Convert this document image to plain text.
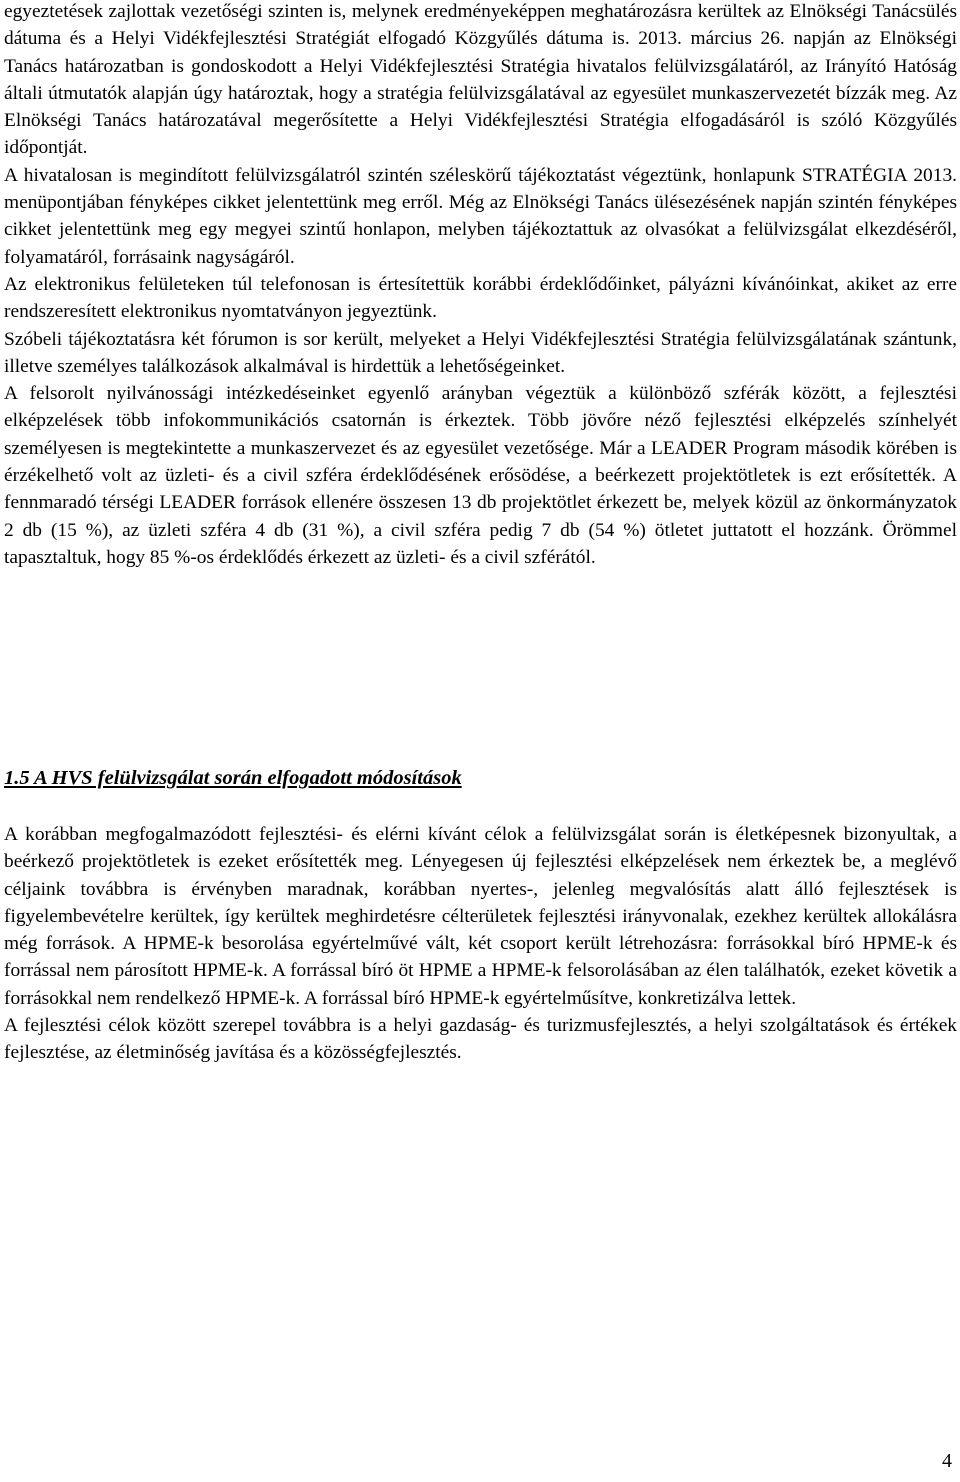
egyeztetések zajlottak vezetőségi szinten is, melynek eredményeképpen meghatározásra kerültek az Elnökségi Tanácsülés dátuma és a Helyi Vidékfejlesztési Stratégiát elfogadó Közgyűlés dátuma is. 2013. március 26. napján az Elnökségi Tanács határozatban is gondoskodott a Helyi Vidékfejlesztési Stratégia hivatalos felülvizsgálatáról, az Irányító Hatóság általi útmutatók alapján úgy határoztak, hogy a stratégia felülvizsgálatával az egyesület munkaszervezetét bízzák meg. Az Elnökségi Tanács határozatával megerősítette a Helyi Vidékfejlesztési Stratégia elfogadásáról is szóló Közgyűlés időpontját.

A hivatalosan is megindított felülvizsgálatról szintén széleskörű tájékoztatást végeztünk, honlapunk STRATÉGIA 2013. menüpontjában fényképes cikket jelentettünk meg erről. Még az Elnökségi Tanács ülésezésének napján szintén fényképes cikket jelentettünk meg egy megyei szintű honlapon, melyben tájékoztattuk az olvasókat a felülvizsgálat elkezdéséről, folyamatáról, forrásaink nagyságáról.

Az elektronikus felületeken túl telefonosan is értesítettük korábbi érdeklődőinket, pályázni kívánóinkat, akiket az erre rendszeresített elektronikus nyomtatványon jegyeztünk.

Szóbeli tájékoztatásra két fórumon is sor került, melyeket a Helyi Vidékfejlesztési Stratégia felülvizsgálatának szántunk, illetve személyes találkozások alkalmával is hirdettük a lehetőségeinket.

A felsorolt nyilvánossági intézkedéseinket egyenlő arányban végeztük a különböző szférák között, a fejlesztési elképzelések több infokommunikációs csatornán is érkeztek. Több jövőre néző fejlesztési elképzelés színhelyét személyesen is megtekintette a munkaszervezet és az egyesület vezetősége. Már a LEADER Program második körében is érzékelhető volt az üzleti- és a civil szféra érdeklődésének erősödése, a beérkezett projektötletek is ezt erősítették. A fennmaradó térségi LEADER források ellenére összesen 13 db projektötlet érkezett be, melyek közül az önkormányzatok 2 db (15 %), az üzleti szféra 4 db (31 %), a civil szféra pedig 7 db (54 %) ötletet juttatott el hozzánk. Örömmel tapasztaltuk, hogy 85 %-os érdeklődés érkezett az üzleti- és a civil szférától.

1.5 A HVS felülvizsgálat során elfogadott módosítások

A korábban megfogalmazódott fejlesztési- és elérni kívánt célok a felülvizsgálat során is életképesnek bizonyultak, a beérkező projektötletek is ezeket erősítették meg. Lényegesen új fejlesztési elképzelések nem érkeztek be, a meglévő céljaink továbbra is érvényben maradnak, korábban nyertes-, jelenleg megvalósítás alatt álló fejlesztések is figyelembevételre kerültek, így kerültek meghirdetésre célterületek fejlesztési irányvonalak, ezekhez kerültek allokálásra még források. A HPME-k besorolása egyértelművé vált, két csoport került létrehozásra: forrásokkal bíró HPME-k és forrással nem párosított HPME-k. A forrással bíró öt HPME a HPME-k felsorolásában az élen találhatók, ezeket követik a forrásokkal nem rendelkező HPME-k. A forrással bíró HPME-k egyértelműsítve, konkretizálva lettek.

A fejlesztési célok között szerepel továbbra is a helyi gazdaság- és turizmusfejlesztés, a helyi szolgáltatások és értékek fejlesztése, az életminőség javítása és a közösségfejlesztés.

4
